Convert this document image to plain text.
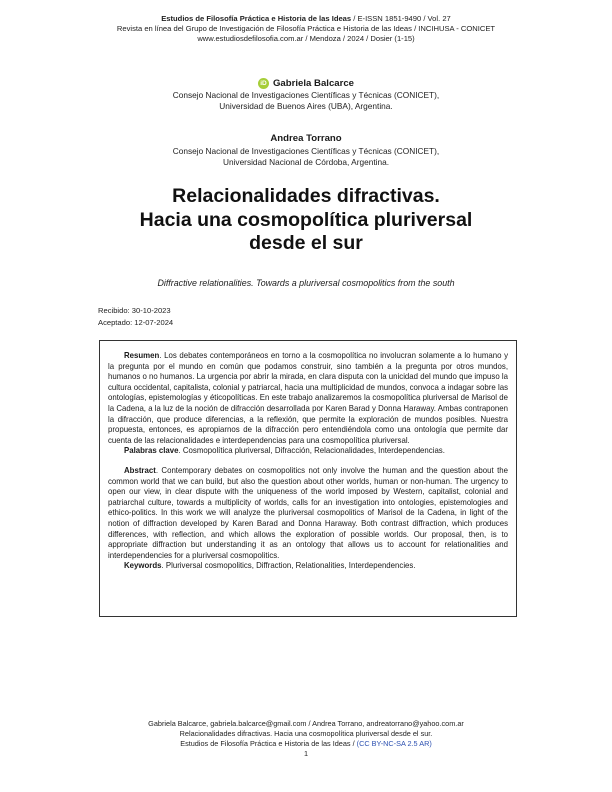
Estudios de Filosofía Práctica e Historia de las Ideas / E-ISSN 1851-9490 / Vol. 27
Revista en línea del Grupo de Investigación de Filosofía Práctica e Historia de las Ideas / INCIHUSA - CONICET
www.estudiosdefilosofia.com.ar / Mendoza / 2024 / Dosier (1-15)
iD Gabriela Balcarce
Consejo Nacional de Investigaciones Científicas y Técnicas (CONICET),
Universidad de Buenos Aires (UBA), Argentina.
Andrea Torrano
Consejo Nacional de Investigaciones Científicas y Técnicas (CONICET),
Universidad Nacional de Córdoba, Argentina.
Relacionalidades difractivas.
Hacia una cosmopolítica pluriversal
desde el sur
Diffractive relationalities. Towards a pluriversal cosmopolitics from the south
Recibido: 30-10-2023
Aceptado: 12-07-2024

Resumen. Los debates contemporáneos en torno a la cosmopolítica no involucran solamente a lo humano y la pregunta por el mundo en común que podamos construir, sino también a la pregunta por otros mundos, humanos o no humanos. La urgencia por abrir la mirada, en clara disputa con la unicidad del mundo que impuso la cultura occidental, capitalista, colonial y patriarcal, hacia una multiplicidad de mundos, convoca a indagar sobre las ontologías, epistemologías y éticopolíticas. En este trabajo analizaremos la cosmopolítica pluriversal de Marisol de la Cadena, a la luz de la noción de difracción desarrollada por Karen Barad y Donna Haraway. Ambas contraponen la difracción, que produce diferencias, a la reflexión, que permite la exploración de mundos posibles. Nuestra propuesta, entonces, es apropiarnos de la difracción pero entendiéndola como una ontología que permite dar cuenta de las relacionalidades e interdependencias para una cosmopolítica pluriversal.

Palabras clave. Cosmopolítica pluriversal, Difracción, Relacionalidades, Interdependencias.

Abstract. Contemporary debates on cosmopolitics not only involve the human and the question about the common world that we can build, but also the question about other worlds, human or non-human. The urgency to open our view, in clear dispute with the uniqueness of the world imposed by Western, capitalist, colonial and patriarchal culture, towards a multiplicity of worlds, calls for an investigation into ontologies, epistemologies and ethico-politics. In this work we will analyze the pluriversal cosmopolitics of Marisol de la Cadena, in light of the notion of diffraction developed by Karen Barad and Donna Haraway. Both contrast diffraction, which produces differences, with reflection, and which allows the exploration of possible worlds. Our proposal, then, is to appropriate diffraction but understanding it as an ontology that allows us to account for relationalities and interdependencies for a pluriversal cosmopolitics.

Keywords. Pluriversal cosmopolitics, Diffraction, Relationalities, Interdependencies.

Gabriela Balcarce, gabriela.balcarce@gmail.com / Andrea Torrano, andreatorrano@yahoo.com.ar
Relacionalidades difractivas. Hacia una cosmopolítica pluriversal desde el sur.
Estudios de Filosofía Práctica e Historia de las Ideas / (CC BY-NC-SA 2.5 AR)
1
